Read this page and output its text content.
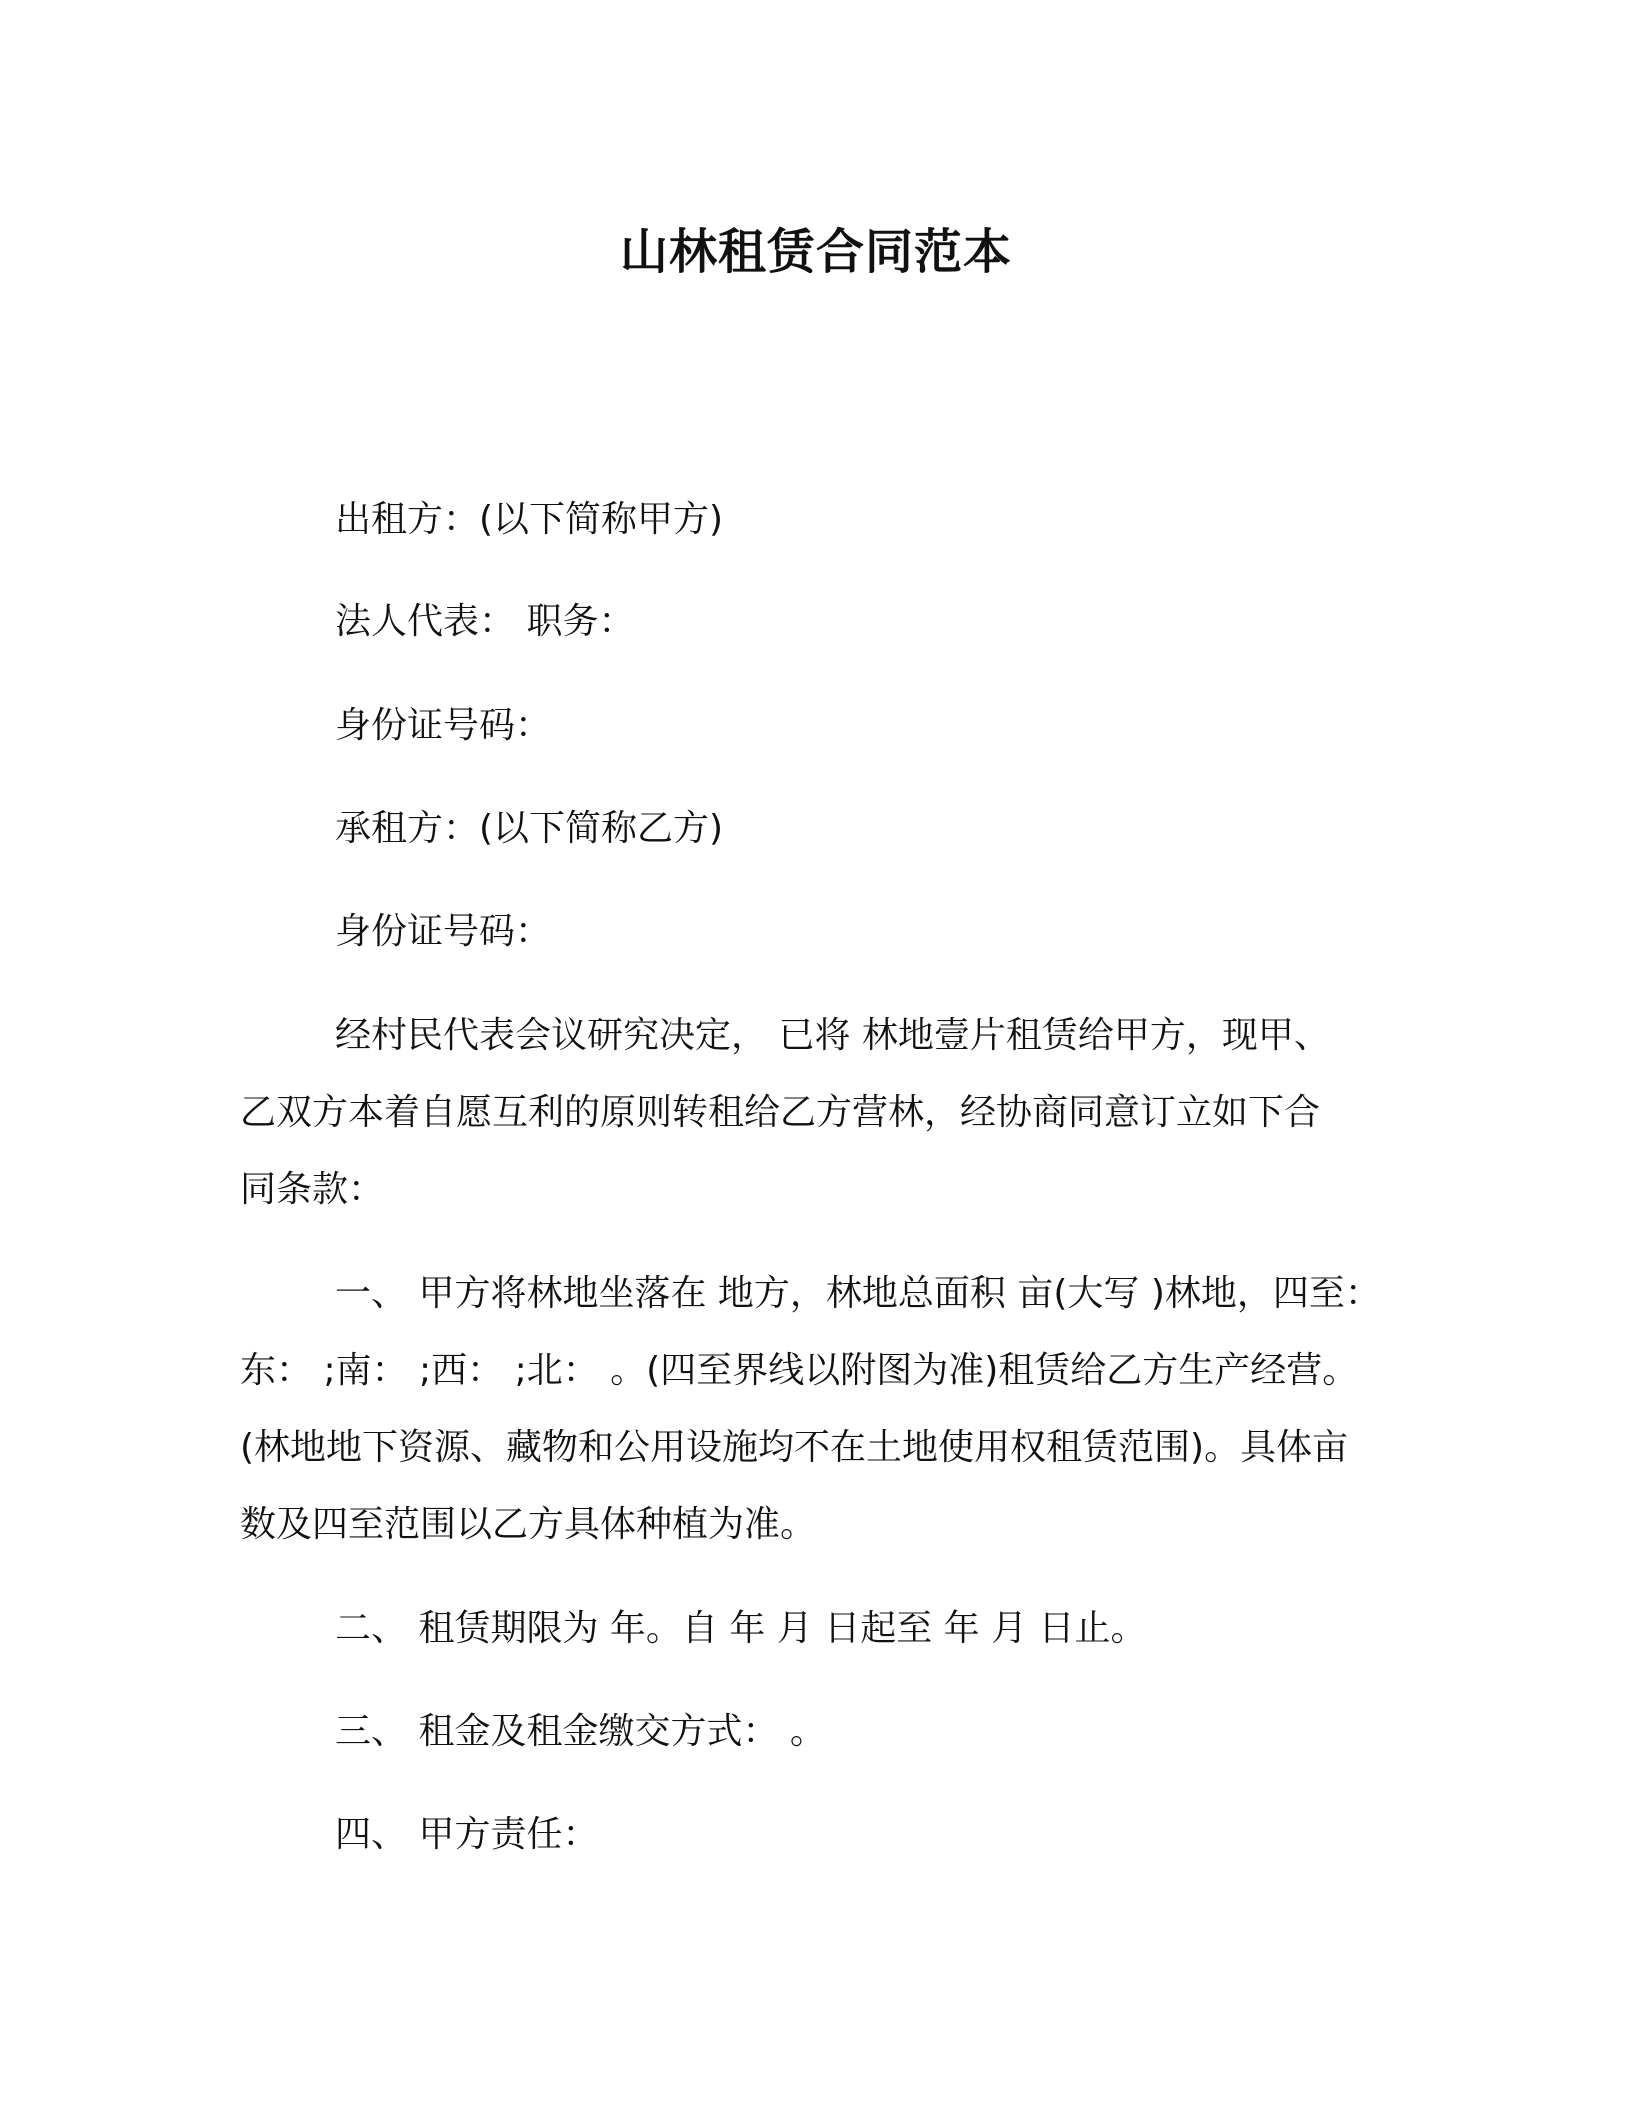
山林租赁合同范本

出租方：(以下简称甲方)

法人代表： 职务：

身份证号码：

承租方：(以下简称乙方)

身份证号码：

经村民代表会议研究决定， 已将 林地壹片租赁给甲方，现甲、

乙双方本着自愿互利的原则转租给乙方营林，经协商同意订立如下合

同条款：

一、 甲方将林地坐落在 地方，林地总面积 亩(大写 )林地，四至：

东： ;南： ;西： ;北： 。(四至界线以附图为准)租赁给乙方生产经营。

(林地地下资源、藏物和公用设施均不在土地使用权租赁范围)。具体亩

数及四至范围以乙方具体种植为准。

二、 租赁期限为 年。自 年 月 日起至 年 月 日止。

三、 租金及租金缴交方式： 。

四、 甲方责任：
